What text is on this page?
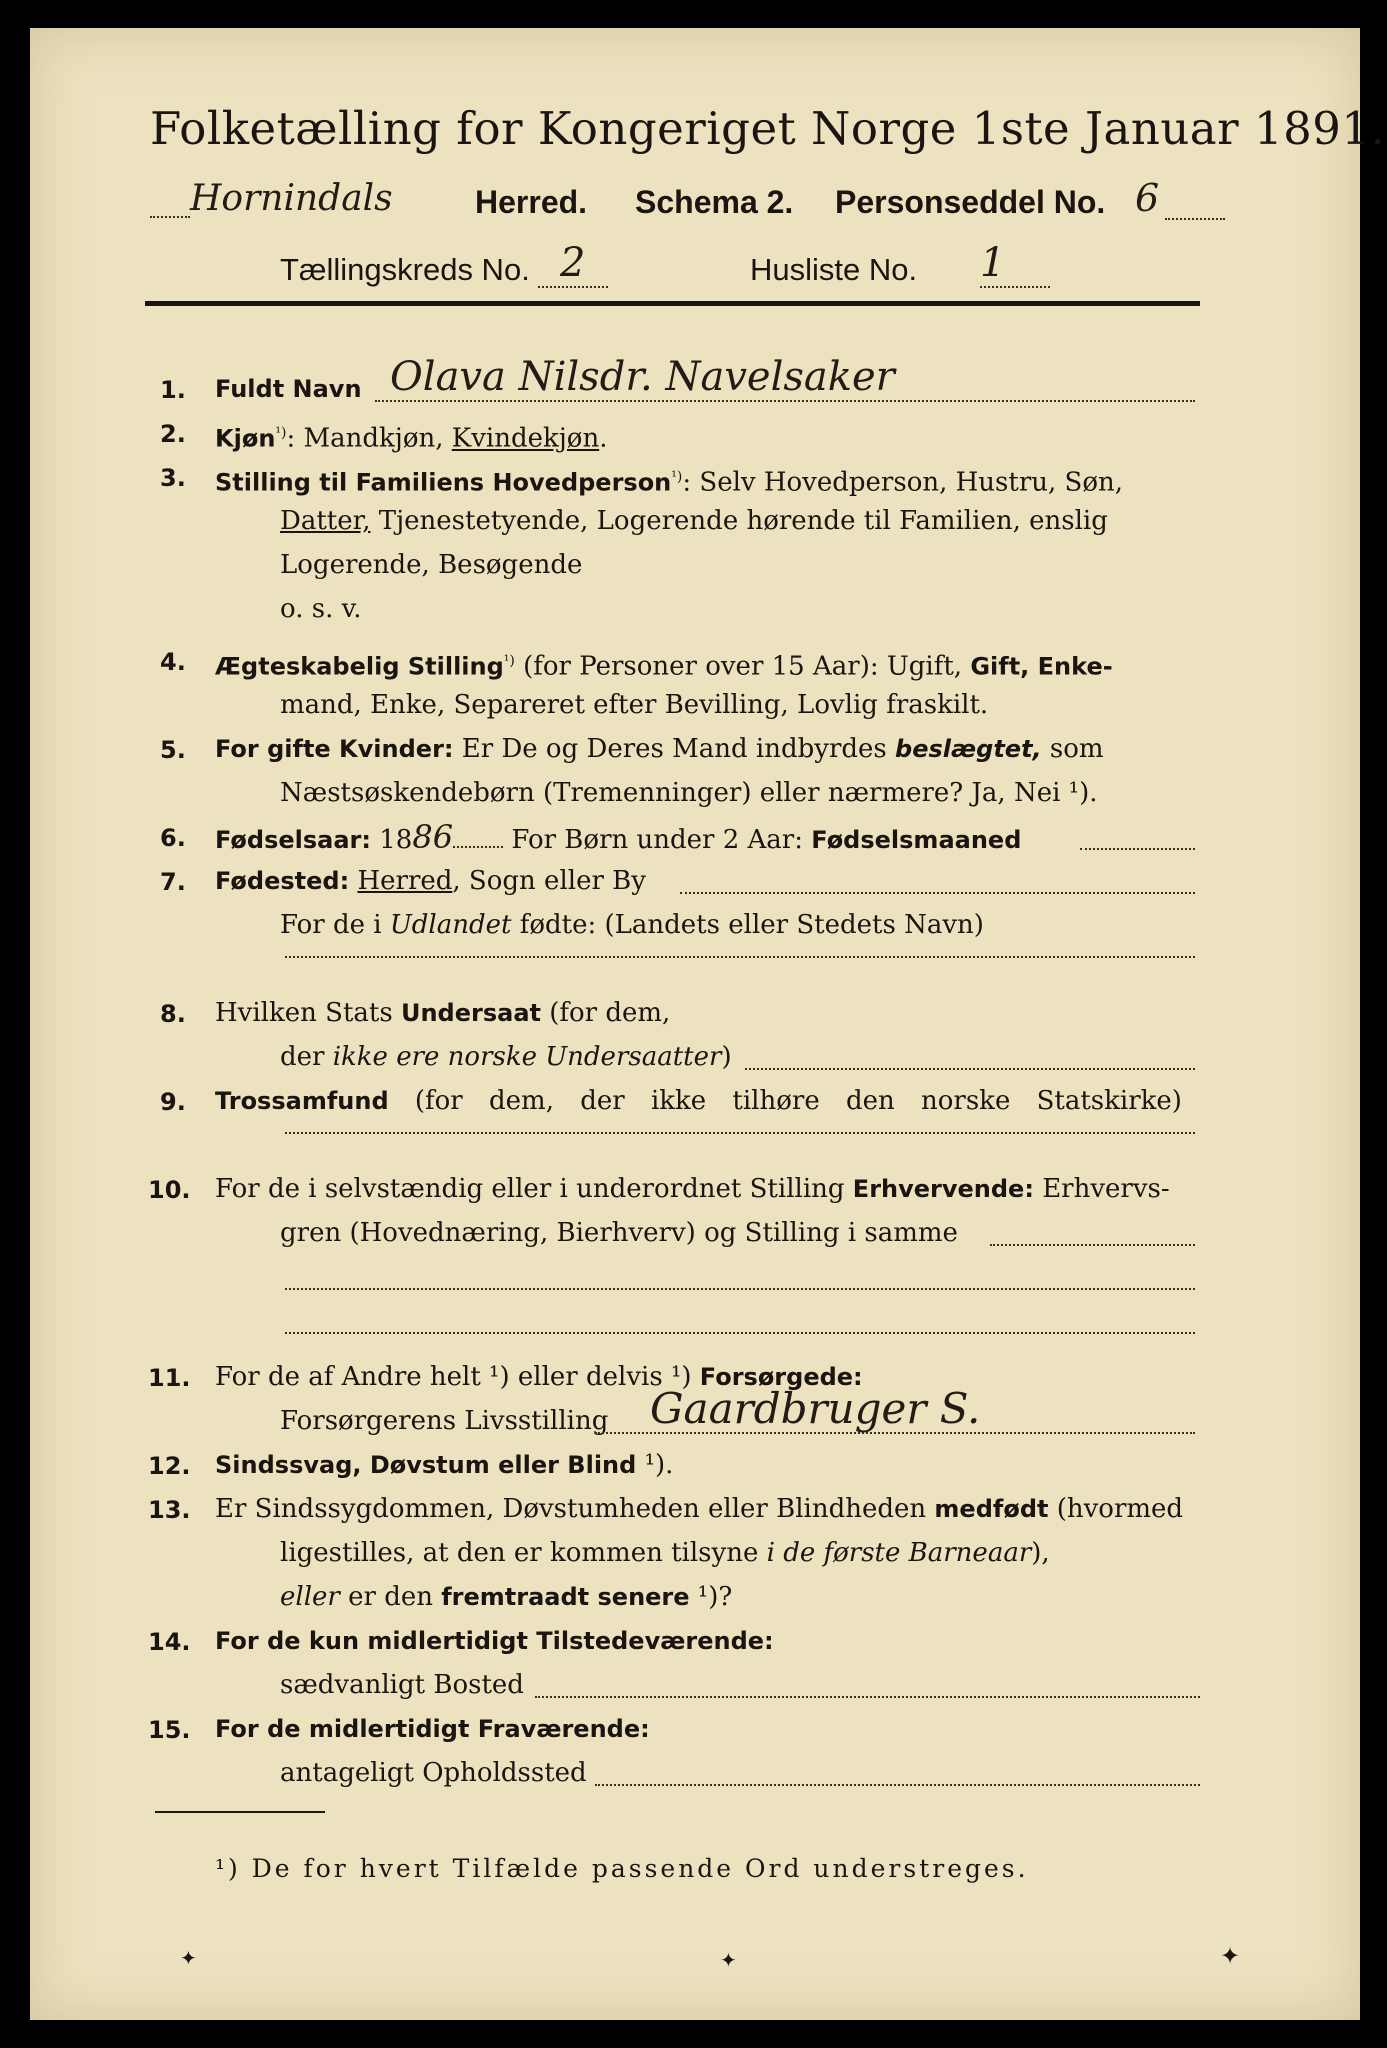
Folketælling for Kongeriget Norge 1ste Januar 1891.
Hornindals	Herred. Schema 2. Personseddel No. 6
Tællingskreds No. 2	Husliste No. 1
1. Fuldt Navn Olava Nilsdr. Navelsaker
2. Kjøn$^{^1)}$: Mandkjøn, Kvindekjøn.
3. Stilling til Familiens Hovedperson$^{^1)}$: Selv Hovedperson, Hustru, Søn,
Datter, Tjenestetyende, Logerende hørende til Familien, enslig
Logerende, Besøgende
o. s. v.
4. Ægteskabelig Stilling$^{^1)}$ (for Personer over 15 Aar): Ugift, Gift, Enke-
mand, Enke, Separeret efter Bevilling, Lovlig fraskilt.
5. For gifte Kvinder: Er De og Deres Mand indbyrdes beslægtet, som
Næstsøskendebørn (Tremenninger) eller nærmere? Ja, Nei ¹).
6. Fødselsaar: 1886 For Børn under 2 Aar: Fødselsmaaned
7. Fødested: Herred, Sogn eller By
For de i Udlandet fødte: (Landets eller Stedets Navn)
8. Hvilken Stats Undersaat (for dem,
der ikke ere norske Undersaatter)
9. Trossamfund (for dem, der ikke tilhøre den norske Statskirke)
10. For de i selvstændig eller i underordnet Stilling Erhvervende: Erhvervs-
gren (Hovednæring, Bierhverv) og Stilling i samme
11. For de af Andre helt ¹) eller delvis ¹) Forsørgede:
Forsørgerens Livsstilling Gaardbruger S.
12. Sindssvag, Døvstum eller Blind ¹).
13. Er Sindssygdommen, Døvstumheden eller Blindheden medfødt (hvormed
ligestilles, at den er kommen tilsyne i de første Barneaar),
eller er den fremtraadt senere ¹)?
14. For de kun midlertidigt Tilstedeværende:
sædvanligt Bosted
15. For de midlertidigt Fraværende:
antageligt Opholdssted
¹) De for hvert Tilfælde passende Ord understreges.
✦	✦	✦
